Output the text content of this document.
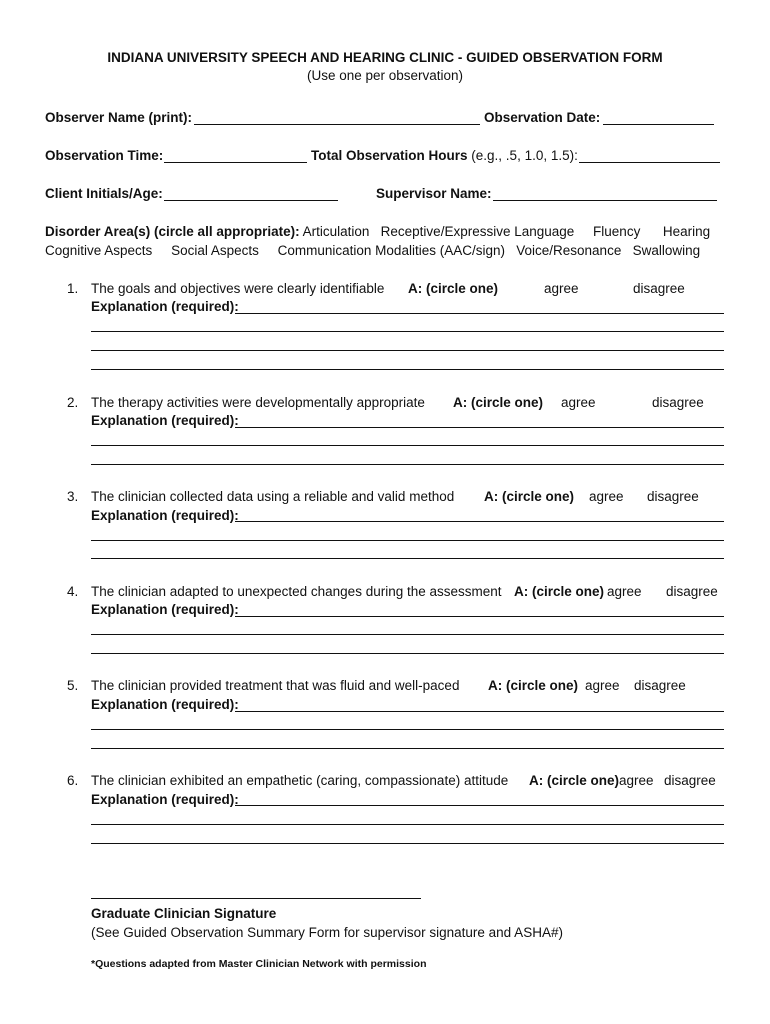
INDIANA UNIVERSITY SPEECH AND HEARING CLINIC - GUIDED OBSERVATION FORM
(Use one per observation)
Observer Name (print):	Observation Date:
Observation Time:	Total Observation Hours (e.g., .5, 1.0, 1.5):
Client Initials/Age:	Supervisor Name:
Disorder Area(s) (circle all appropriate): Articulation Receptive/Expressive Language Fluency Hearing
Cognitive Aspects Social Aspects Communication Modalities (AAC/sign) Voice/Resonance Swallowing
1. The goals and objectives were clearly identifiable A: (circle one)	agree	disagree
Explanation (required):
2. The therapy activities were developmentally appropriate A: (circle one) agree	disagree
Explanation (required):
3. The clinician collected data using a reliable and valid method A: (circle one) agree disagree
Explanation (required):
4. The clinician adapted to unexpected changes during the assessment A: (circle one) agree disagree
Explanation (required):
5. The clinician provided treatment that was fluid and well-paced A: (circle one) agree disagree
Explanation (required):
6. The clinician exhibited an empathetic (caring, compassionate) attitude A: (circle one) agree disagree
Explanation (required):
Graduate Clinician Signature
(See Guided Observation Summary Form for supervisor signature and ASHA#)
*Questions adapted from Master Clinician Network with permission
